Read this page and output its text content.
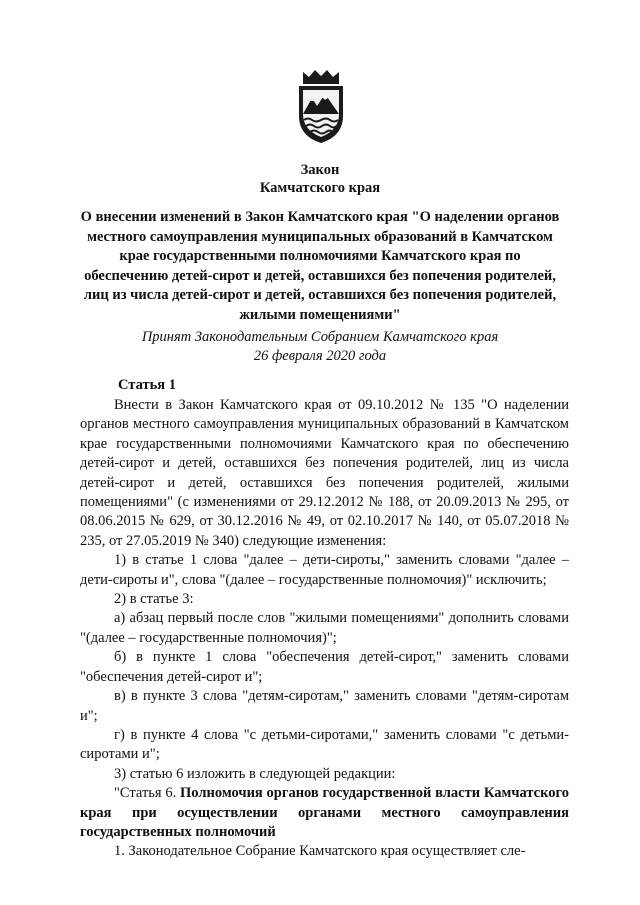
Закон

Камчатского края

О внесении изменений в Закон Камчатского края "О наделении органов местного самоуправления муниципальных образований в Камчатском крае государственными полномочиями Камчатского края по обеспечению детей-сирот и детей, оставшихся без попечения родителей, лиц из числа детей-сирот и детей, оставшихся без попечения родителей, жилыми помещениями"

Принят Законодательным Собранием Камчатского края
26 февраля 2020 года

Статья 1

Внести в Закон Камчатского края от 09.10.2012 № 135 "О наделении органов местного самоуправления муниципальных образований в Камчатском крае государственными полномочиями Камчатского края по обеспечению детей-сирот и детей, оставшихся без попечения родителей, лиц из числа детей-сирот и детей, оставшихся без попечения родителей, жилыми помещениями" (с изменениями от 29.12.2012 № 188, от 20.09.2013 № 295, от 08.06.2015 № 629, от 30.12.2016 № 49, от 02.10.2017 № 140, от 05.07.2018 № 235, от 27.05.2019 № 340) следующие изменения:

1) в статье 1 слова "далее – дети-сироты," заменить словами "далее – дети-сироты и", слова "(далее – государственные полномочия)" исключить;

2) в статье 3:

а) абзац первый после слов "жилыми помещениями" дополнить словами "(далее – государственные полномочия)";

б) в пункте 1 слова "обеспечения детей-сирот," заменить словами "обеспечения детей-сирот и";

в) в пункте 3 слова "детям-сиротам," заменить словами "детям-сиротам и";

г) в пункте 4 слова "с детьми-сиротами," заменить словами "с детьми-сиротами и";

3) статью 6 изложить в следующей редакции:

"Статья 6. Полномочия органов государственной власти Камчатского края при осуществлении органами местного самоуправления государственных полномочий

1. Законодательное Собрание Камчатского края осуществляет сле-
